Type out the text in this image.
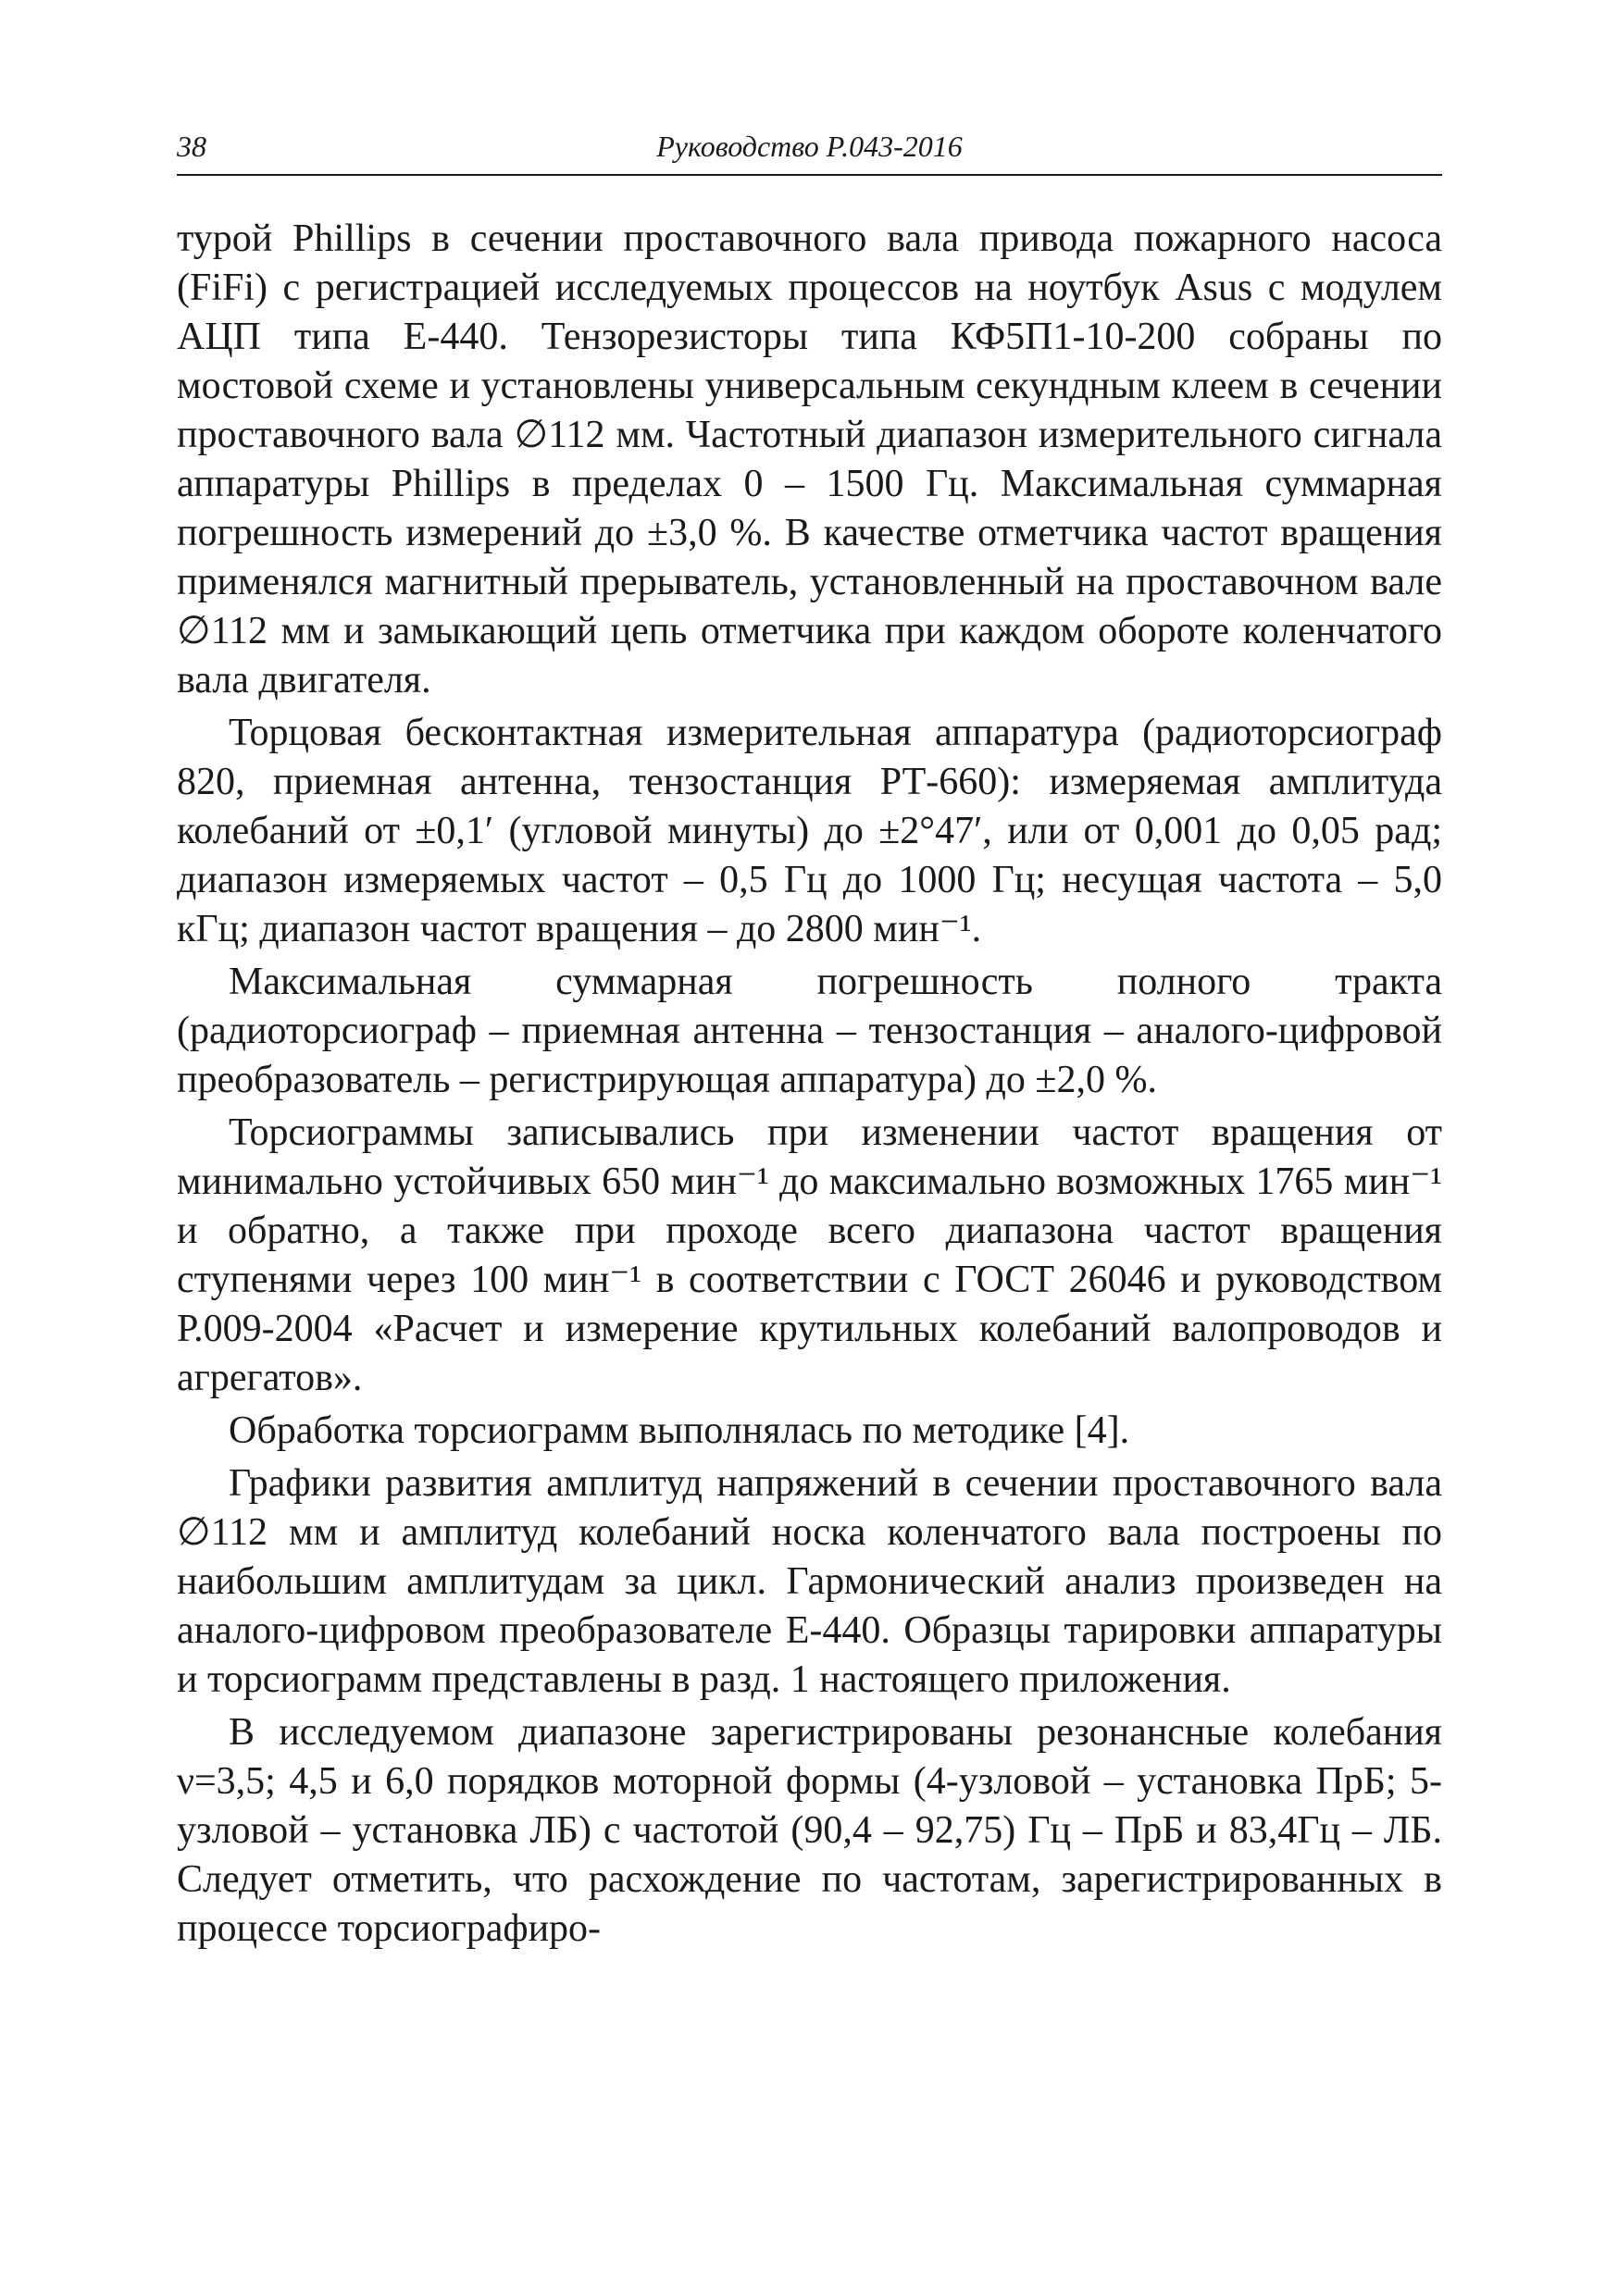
38	Руководство Р.043-2016

турой Phillips в сечении проставочного вала привода пожарного насоса (FiFi) с регистрацией исследуемых процессов на ноутбук Asus с модулем АЦП типа Е-440. Тензорезисторы типа КФ5П1-10-200 собраны по мостовой схеме и установлены универсальным секундным клеем в сечении проставочного вала ∅112 мм. Частотный диапазон измерительного сигнала аппаратуры Phillips в пределах 0 – 1500 Гц. Максимальная суммарная погрешность измерений до ±3,0 %. В качестве отметчика частот вращения применялся магнитный прерыватель, установленный на проставочном вале ∅112 мм и замыкающий цепь отметчика при каждом обороте коленчатого вала двигателя.

Торцовая бесконтактная измерительная аппаратура (радиоторсиограф 820, приемная антенна, тензостанция РТ-660): измеряемая амплитуда колебаний от ±0,1ʹ (угловой минуты) до ±2°47ʹ, или от 0,001 до 0,05 рад; диапазон измеряемых частот – 0,5 Гц до 1000 Гц; несущая частота – 5,0 кГц; диапазон частот вращения – до 2800 мин⁻¹.

Максимальная суммарная погрешность полного тракта (радиоторсиограф – приемная антенна – тензостанция – аналого-цифровой преобразователь – регистрирующая аппаратура) до ±2,0 %.

Торсиограммы записывались при изменении частот вращения от минимально устойчивых 650 мин⁻¹ до максимально возможных 1765 мин⁻¹ и обратно, а также при проходе всего диапазона частот вращения ступенями через 100 мин⁻¹ в соответствии с ГОСТ 26046 и руководством Р.009-2004 «Расчет и измерение крутильных колебаний валопроводов и агрегатов».

Обработка торсиограмм выполнялась по методике [4].

Графики развития амплитуд напряжений в сечении проставочного вала ∅112 мм и амплитуд колебаний носка коленчатого вала построены по наибольшим амплитудам за цикл. Гармонический анализ произведен на аналого-цифровом преобразователе Е-440. Образцы тарировки аппаратуры и торсиограмм представлены в разд. 1 настоящего приложения.

В исследуемом диапазоне зарегистрированы резонансные колебания ν=3,5; 4,5 и 6,0 порядков моторной формы (4-узловой – установка ПрБ; 5-узловой – установка ЛБ) с частотой (90,4 – 92,75) Гц – ПрБ и 83,4Гц – ЛБ. Следует отметить, что расхождение по частотам, зарегистрированных в процессе торсиографиро-
